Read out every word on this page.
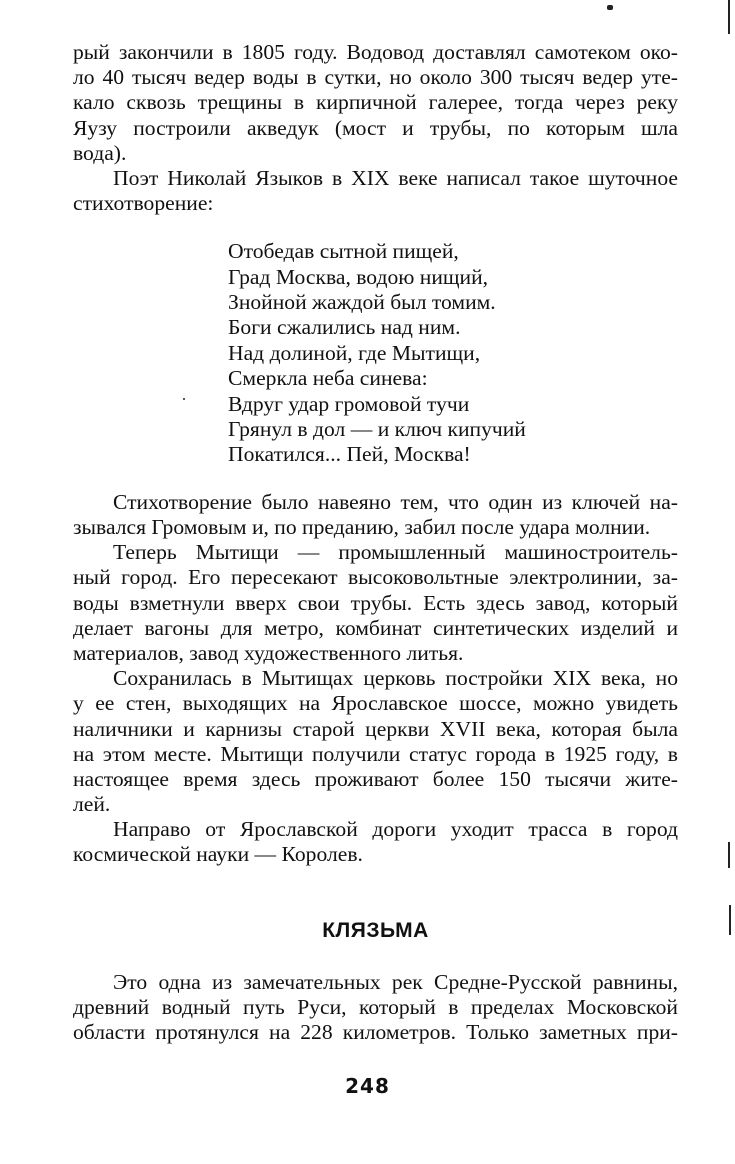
рый закончили в 1805 году. Водовод доставлял самотеком око-
ло 40 тысяч ведер воды в сутки, но около 300 тысяч ведер уте-
кало сквозь трещины в кирпичной галерее, тогда через реку
Яузу построили акведук (мост и трубы, по которым шла
вода).
Поэт Николай Языков в XIX веке написал такое шуточное
стихотворение:
Отобедав сытной пищей,
Град Москва, водою нищий,
Знойной жаждой был томим.
Боги сжалились над ним.
Над долиной, где Мытищи,
Смеркла неба синева:
Вдруг удар громовой тучи
Грянул в дол — и ключ кипучий
Покатился... Пей, Москва!
Стихотворение было навеяно тем, что один из ключей на-
зывался Громовым и, по преданию, забил после удара молнии.
Теперь Мытищи — промышленный машиностроитель-
ный город. Его пересекают высоковольтные электролинии, за-
воды взметнули вверх свои трубы. Есть здесь завод, который
делает вагоны для метро, комбинат синтетических изделий и
материалов, завод художественного литья.
Сохранилась в Мытищах церковь постройки XIX века, но
у ее стен, выходящих на Ярославское шоссе, можно увидеть
наличники и карнизы старой церкви XVII века, которая была
на этом месте. Мытищи получили статус города в 1925 году, в
настоящее время здесь проживают более 150 тысячи жите-
лей.
Направо от Ярославской дороги уходит трасса в город
космической науки — Королев.
КЛЯЗЬМА
Это одна из замечательных рек Средне-Русской равнины,
древний водный путь Руси, который в пределах Московской
области протянулся на 228 километров. Только заметных при-
248
